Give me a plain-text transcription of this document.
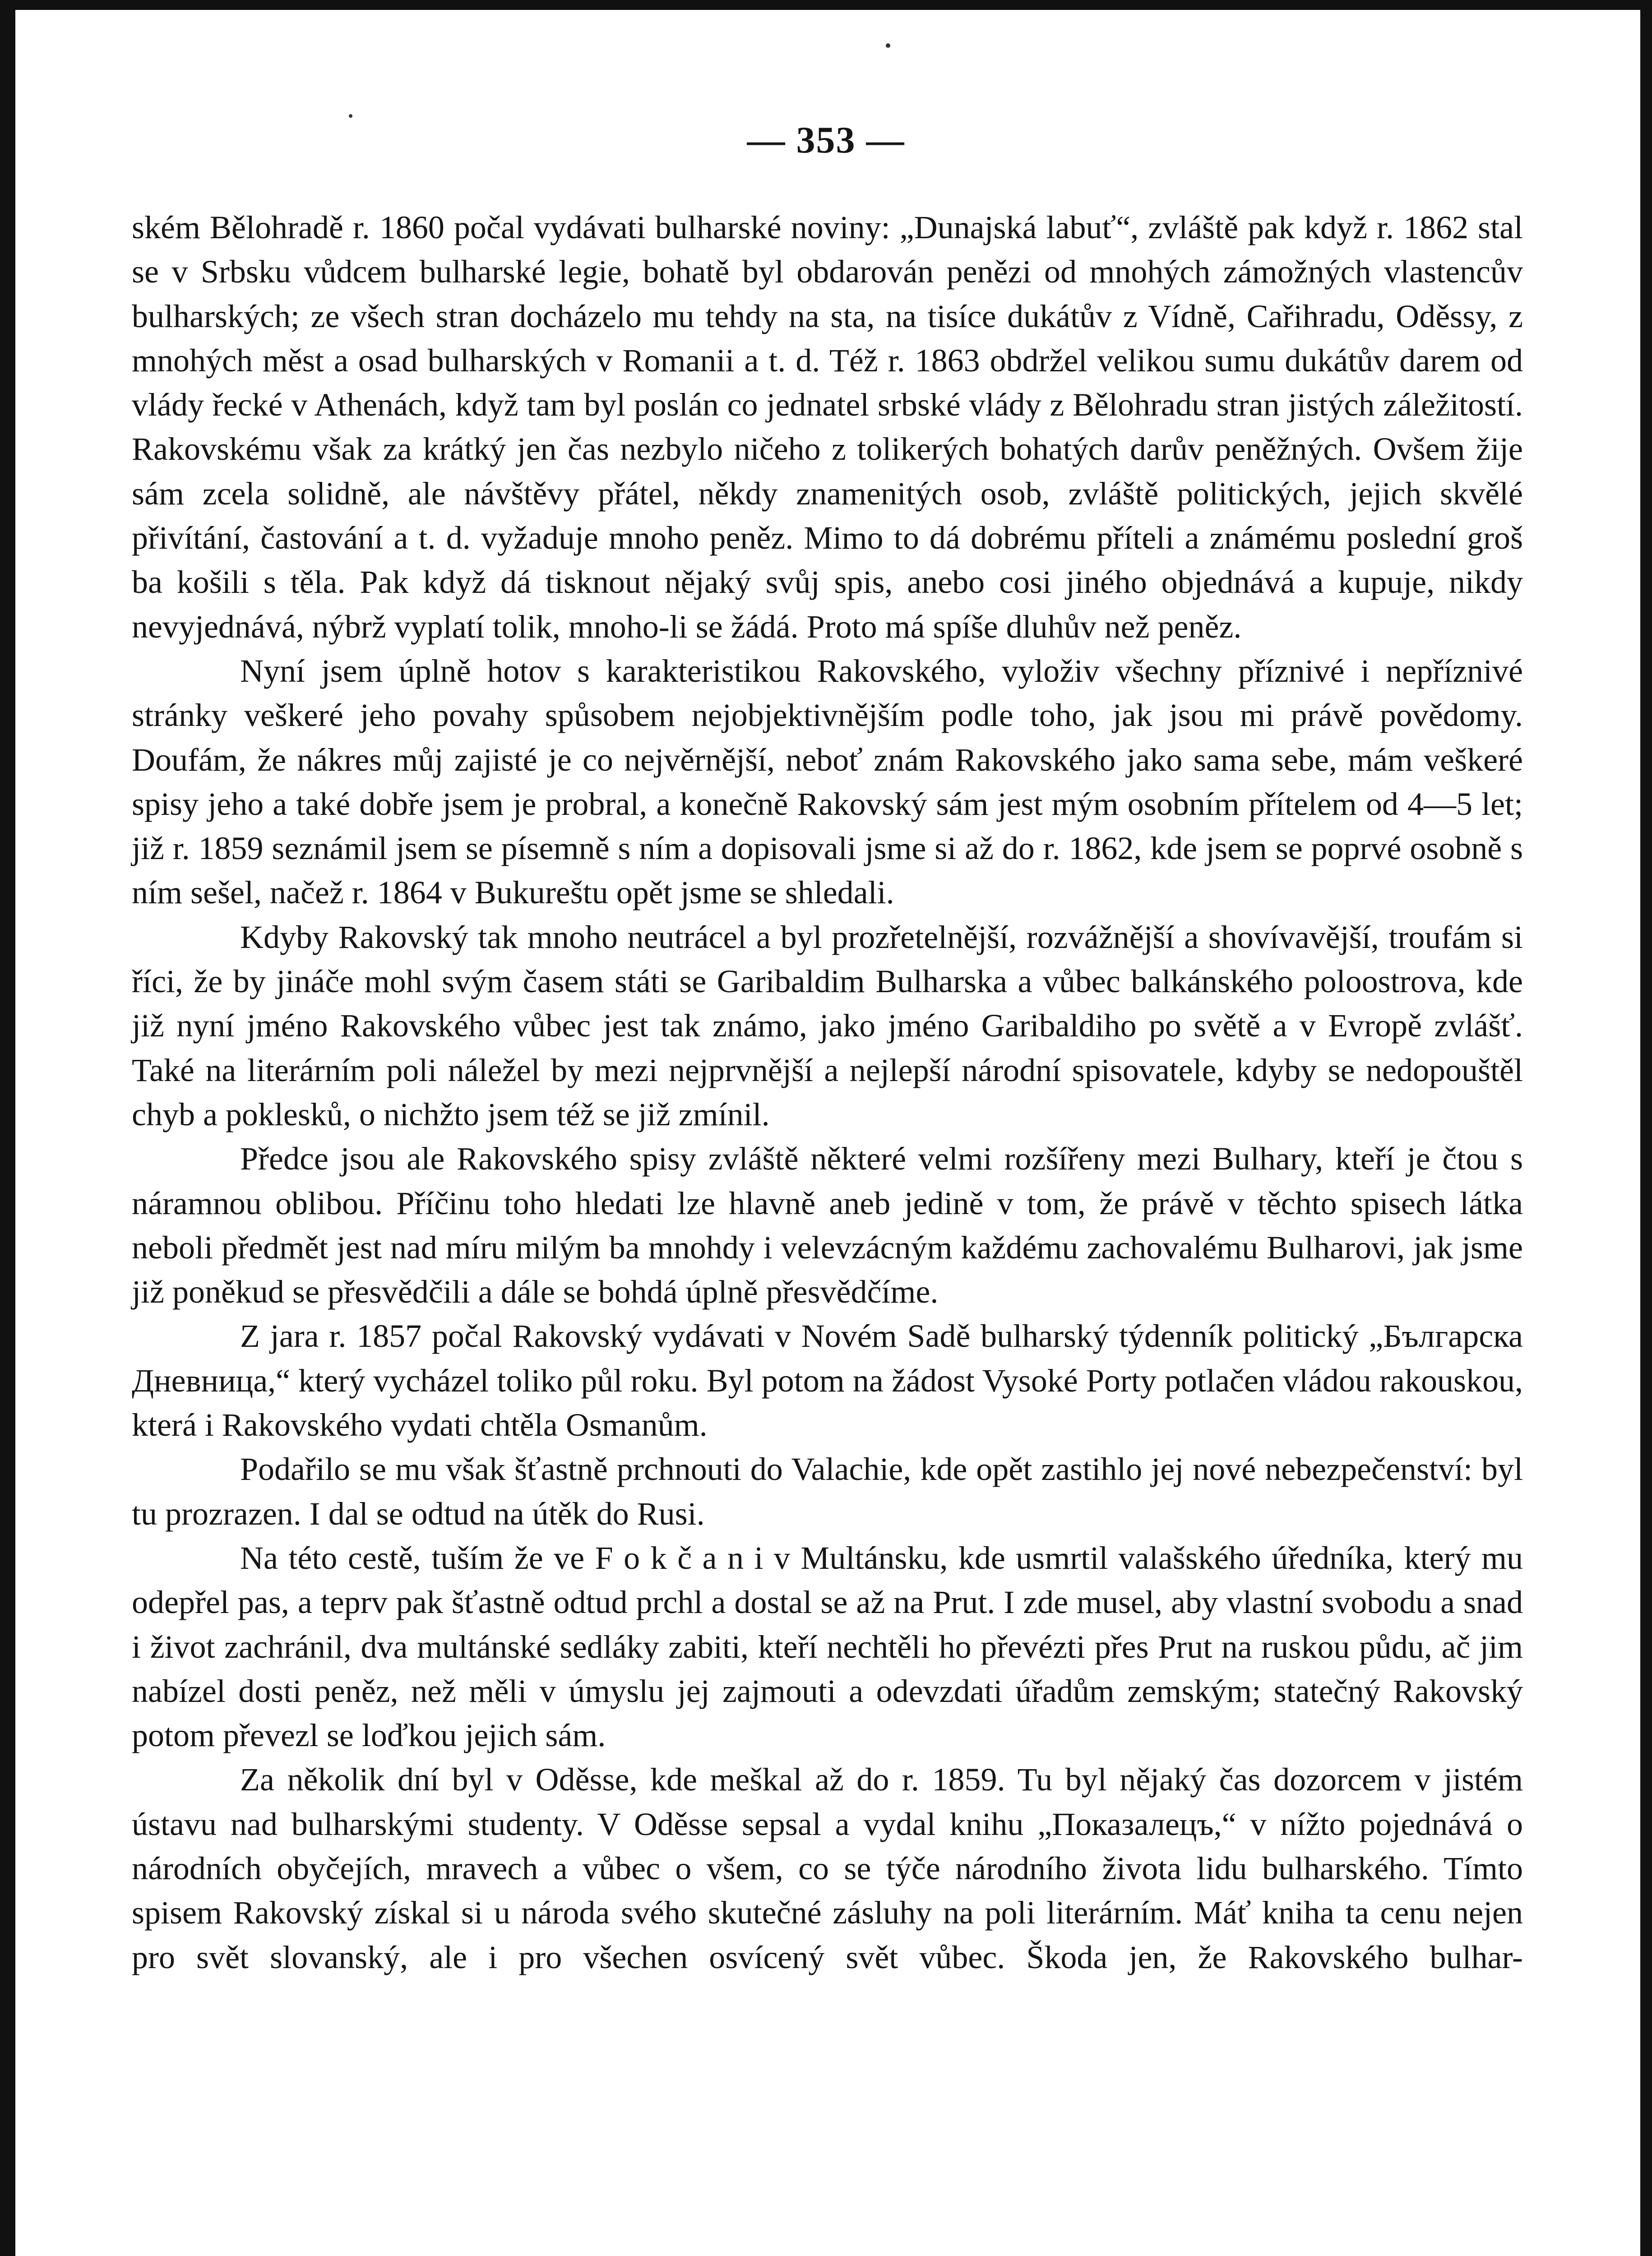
— 353 —

ském Bělohradě r. 1860 počal vydávati bulharské noviny: „Dunajská labuť“, zvláště pak když r. 1862 stal se v Srbsku vůdcem bulharské legie, bohatě byl obdarován penězi od mnohých zámožných vlastencův bulharských; ze všech stran docházelo mu tehdy na sta, na tisíce dukátův z Vídně, Cařihradu, Oděssy, z mnohých měst a osad bulharských v Romanii a t. d. Též r. 1863 obdržel velikou sumu dukátův darem od vlády řecké v Athenách, když tam byl poslán co jednatel srbské vlády z Bělohradu stran jistých záležitostí. Rakovskému však za krátký jen čas nezbylo ničeho z tolikerých bohatých darův peněžných. Ovšem žije sám zcela solidně, ale návštěvy přátel, někdy znamenitých osob, zvláště politických, jejich skvělé přivítání, častování a t. d. vyžaduje mnoho peněz. Mimo to dá dobrému příteli a známému poslední groš ba košili s těla. Pak když dá tisknout nějaký svůj spis, anebo cosi jiného objednává a kupuje, nikdy nevyjednává, nýbrž vyplatí tolik, mnoho-li se žádá. Proto má spíše dluhův než peněz.

Nyní jsem úplně hotov s karakteristikou Rakovského, vyloživ všechny příznivé i nepříznivé stránky veškeré jeho povahy spůsobem nejobjektivnějším podle toho, jak jsou mi právě povědomy. Doufám, že nákres můj zajisté je co nejvěrnější, neboť znám Rakovského jako sama sebe, mám veškeré spisy jeho a také dobře jsem je probral, a konečně Rakovský sám jest mým osobním přítelem od 4—5 let; již r. 1859 seznámil jsem se písemně s ním a dopisovali jsme si až do r. 1862, kde jsem se poprvé osobně s ním sešel, načež r. 1864 v Bukureštu opět jsme se shledali.

Kdyby Rakovský tak mnoho neutrácel a byl prozřetelnější, rozvážnější a shovívavější, troufám si říci, že by jináče mohl svým časem státi se Garibaldim Bulharska a vůbec balkánského poloostrova, kde již nyní jméno Rakovského vůbec jest tak známo, jako jméno Garibaldiho po světě a v Evropě zvlášť. Také na literárním poli náležel by mezi nejprvnější a nejlepší národní spisovatele, kdyby se nedopouštěl chyb a poklesků, o nichžto jsem též se již zmínil.

Předce jsou ale Rakovského spisy zvláště některé velmi rozšířeny mezi Bulhary, kteří je čtou s náramnou oblibou. Příčinu toho hledati lze hlavně aneb jedině v tom, že právě v těchto spisech látka neboli předmět jest nad míru milým ba mnohdy i velevzácným každému zachovalému Bulharovi, jak jsme již poněkud se přesvědčili a dále se bohdá úplně přesvědčíme.

Z jara r. 1857 počal Rakovský vydávati v Novém Sadě bulharský týdenník politický „Българска Дневница,“ který vycházel toliko půl roku. Byl potom na žádost Vysoké Porty potlačen vládou rakouskou, která i Rakovského vydati chtěla Osmanům.

Podařilo se mu však šťastně prchnouti do Valachie, kde opět zastihlo jej nové nebezpečenství: byl tu prozrazen. I dal se odtud na útěk do Rusi.

Na této cestě, tuším že ve F o k č a n i v Multánsku, kde usmrtil valašského úředníka, který mu odepřel pas, a teprv pak šťastně odtud prchl a dostal se až na Prut. I zde musel, aby vlastní svobodu a snad i život zachránil, dva multánské sedláky zabiti, kteří nechtěli ho převézti přes Prut na ruskou půdu, ač jim nabízel dosti peněz, než měli v úmyslu jej zajmouti a odevzdati úřadům zemským; statečný Rakovský potom převezl se loďkou jejich sám.

Za několik dní byl v Oděsse, kde meškal až do r. 1859. Tu byl nějaký čas dozorcem v jistém ústavu nad bulharskými studenty. V Oděsse sepsal a vydal knihu „Показалецъ,“ v nížto pojednává o národních obyčejích, mravech a vůbec o všem, co se týče národního života lidu bulharského. Tímto spisem Rakovský získal si u národa svého skutečné zásluhy na poli literárním. Máť kniha ta cenu nejen pro svět slovanský, ale i pro všechen osvícený svět vůbec. Škoda jen, že Rakovského bulhar-
